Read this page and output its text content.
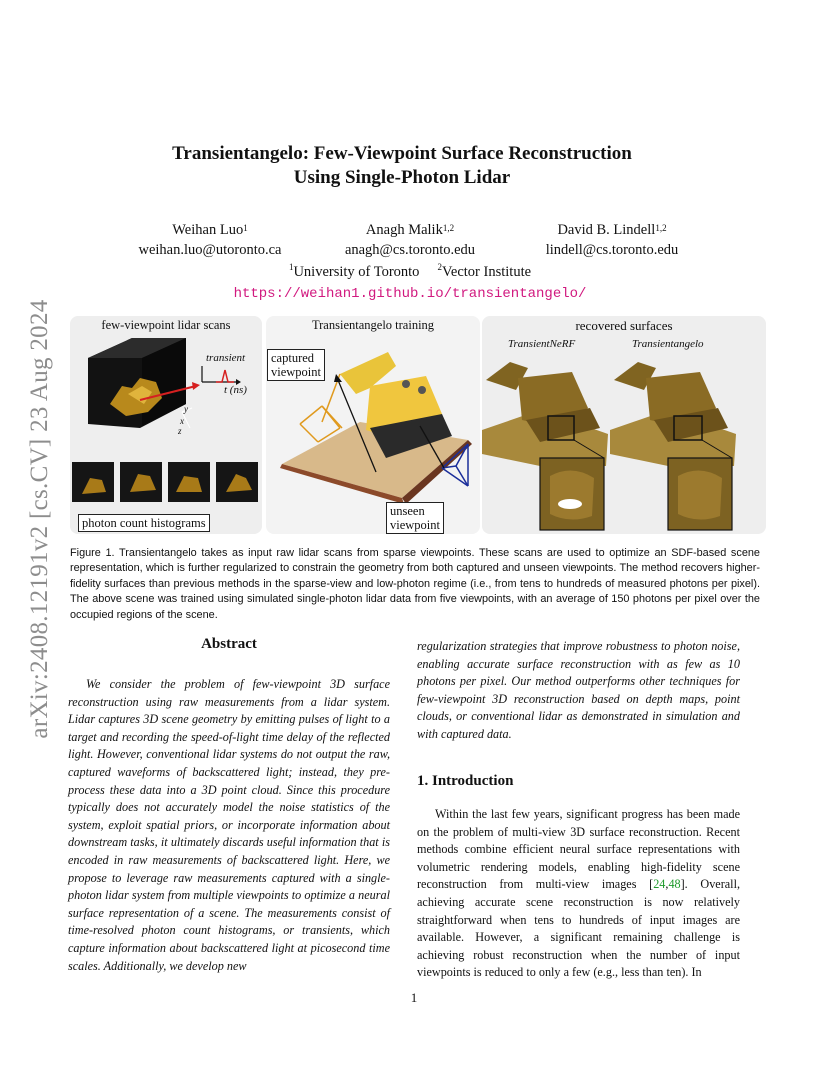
arXiv:2408.12191v2 [cs.CV] 23 Aug 2024
Transientangelo: Few-Viewpoint Surface Reconstruction
Using Single-Photon Lidar
Weihan Luo$^1$
weihan.luo@utoronto.ca
Anagh Malik$^{1,2}$
anagh@cs.toronto.edu
David B. Lindell$^{1,2}$
lindell@cs.toronto.edu
$^1$University of Toronto $^2$Vector Institute
https://weihan1.github.io/transientangelo/
few-viewpoint lidar scans	Transientangelo training	recovered surfaces
transient
t (ns)
x
y
z
photon count histograms
captured
viewpoint
unseen
viewpoint
TransientNeRF	Transientangelo
Figure 1. Transientangelo takes as input raw lidar scans from sparse viewpoints. These scans are used to optimize an SDF-based scene representation, which is further regularized to constrain the geometry from both captured and unseen viewpoints. The method recovers higher-fidelity surfaces than previous methods in the sparse-view and low-photon regime (i.e., from tens to hundreds of measured photons per pixel). The above scene was trained using simulated single-photon lidar data from five viewpoints, with an average of 150 photons per pixel over the occupied regions of the scene.
Abstract
We consider the problem of few-viewpoint 3D surface reconstruction using raw measurements from a lidar system. Lidar captures 3D scene geometry by emitting pulses of light to a target and recording the speed-of-light time delay of the reflected light. However, conventional lidar systems do not output the raw, captured waveforms of backscattered light; instead, they pre-process these data into a 3D point cloud. Since this procedure typically does not accurately model the noise statistics of the system, exploit spatial priors, or incorporate information about downstream tasks, it ultimately discards useful information that is encoded in raw measurements of backscattered light. Here, we propose to leverage raw measurements captured with a single-photon lidar system from multiple viewpoints to optimize a neural surface representation of a scene. The measurements consist of time-resolved photon count histograms, or transients, which capture information about backscattered light at picosecond time scales. Additionally, we develop new
regularization strategies that improve robustness to photon noise, enabling accurate surface reconstruction with as few as 10 photons per pixel. Our method outperforms other techniques for few-viewpoint 3D reconstruction based on depth maps, point clouds, or conventional lidar as demonstrated in simulation and with captured data.
1. Introduction
Within the last few years, significant progress has been made on the problem of multi-view 3D surface reconstruction. Recent methods combine efficient neural surface representations with volumetric rendering models, enabling high-fidelity scene reconstruction from multi-view images [24,48]. Overall, achieving accurate scene reconstruction is now relatively straightforward when tens to hundreds of input images are available. However, a significant remaining challenge is achieving robust reconstruction when the number of input viewpoints is reduced to only a few (e.g., less than ten). In
1
